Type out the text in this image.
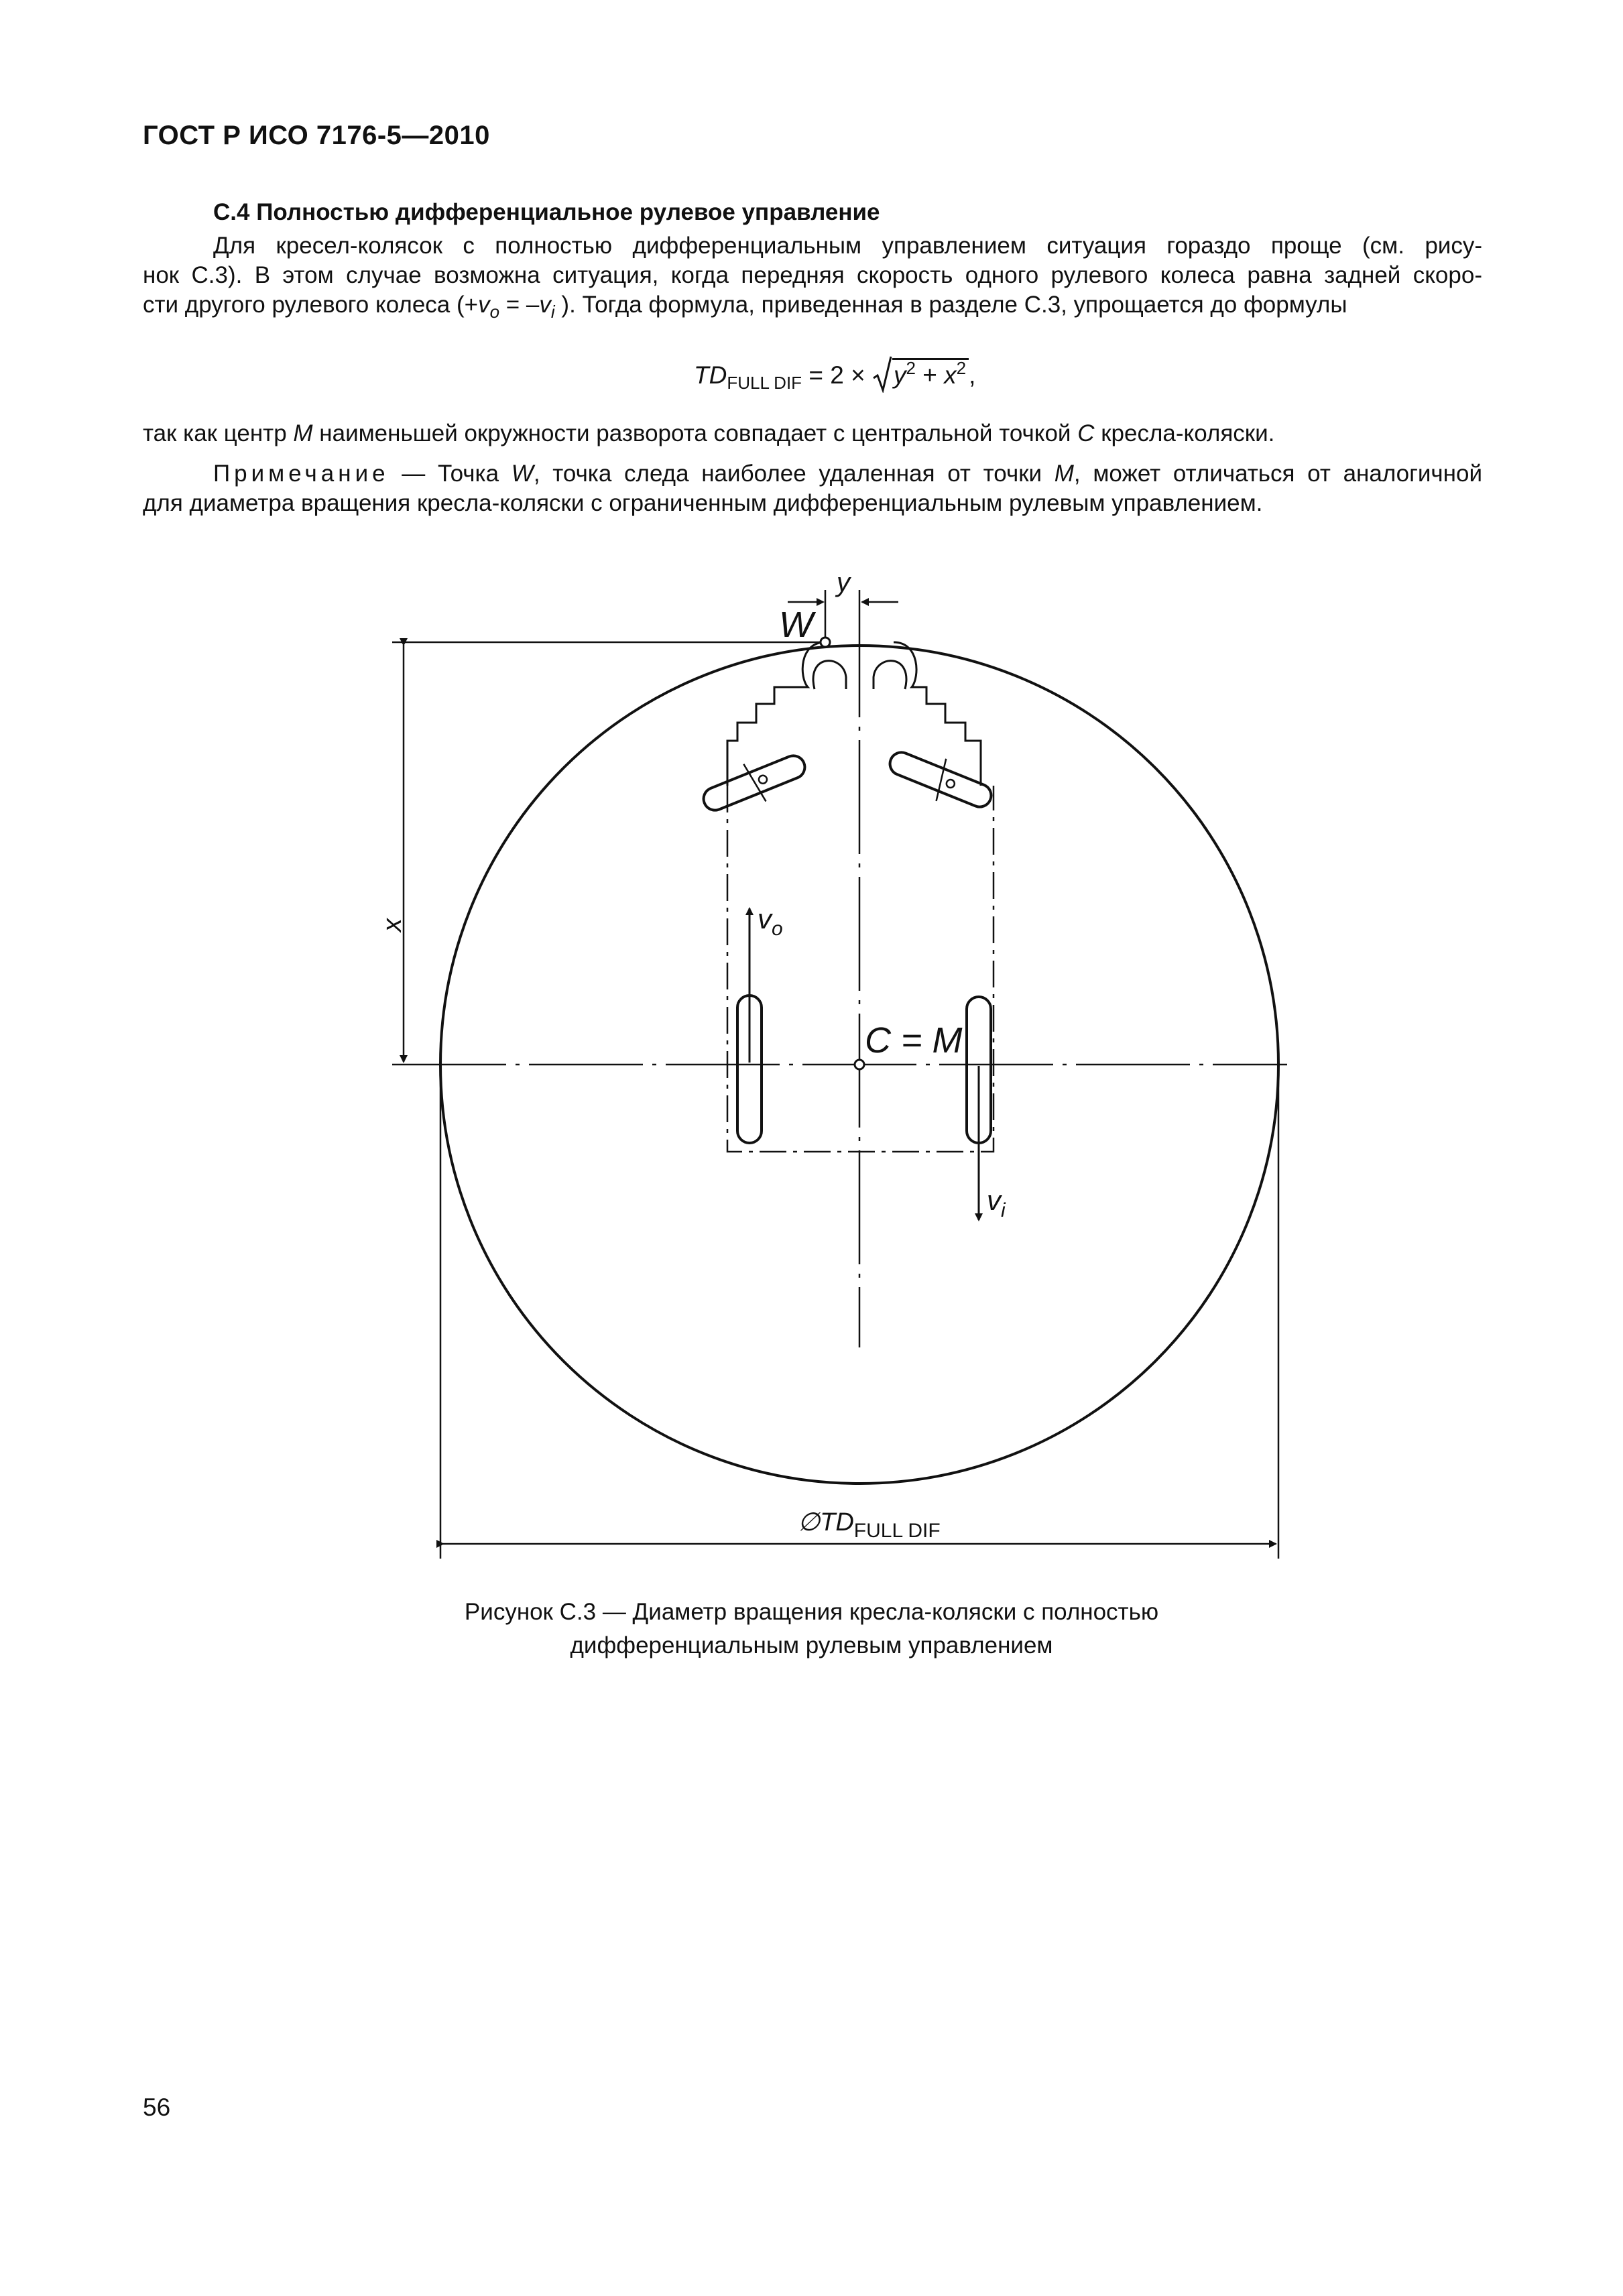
ГОСТ Р ИСО 7176-5—2010
С.4 Полностью дифференциальное рулевое управление
Для кресел-колясок с полностью дифференциальным управлением ситуация гораздо проще (см. рису-
нок С.3). В этом случае возможна ситуация, когда передняя скорость одного рулевого колеса равна задней скоро-
сти другого рулевого колеса ($+v_o = -v_i$ ). Тогда формула, приведенная в разделе С.3, упрощается до формулы
$TD_{FULL DIF} = 2 \times y^2 + x^2$ ,
так как центр M наименьшей окружности разворота совпадает с центральной точкой C кресла-коляски.
Примечание — Точка W, точка следа наиболее удаленная от точки M, может отличаться от аналогичной
для диаметра вращения кресла-коляски с ограниченным дифференциальным рулевым управлением.
y
W
x	$v_o$
C = M
$v_i$
$\emptyset TD_{FULL DIF}$
Рисунок С.3 — Диаметр вращения кресла-коляски с полностью
дифференциальным рулевым управлением
56
